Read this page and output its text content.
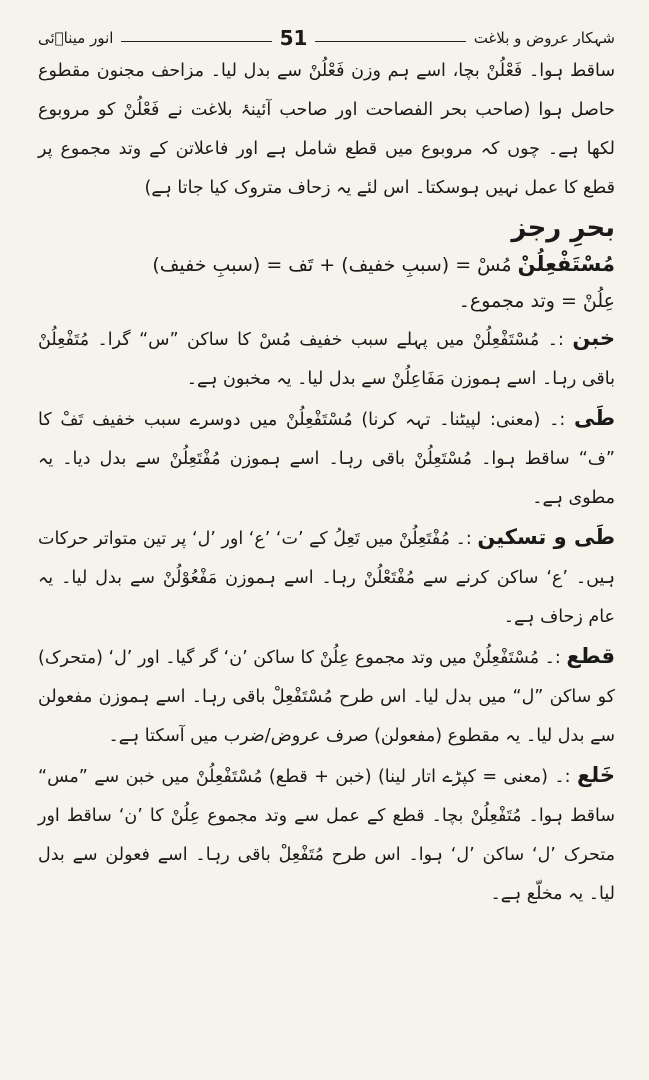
شہکار عروض و بلاغت
51
انور میناؔئی

ساقط ہوا۔ فَعْلُنْ بچا، اسے ہم وزن فَعْلُنْ سے بدل لیا۔ مزاحف مجنون مقطوع حاصل ہوا (صاحب بحر الفصاحت اور صاحب آئینۂ بلاغت نے فَعْلُنْ کو مروبوع لکھا ہے۔ چوں کہ مروبوع میں قطع شامل ہے اور فاعلاتن کے وتد مجموع پر قطع کا عمل نہیں ہوسکتا۔ اس لئے یہ زحاف متروک کیا جاتا ہے)

بحرِ رجز
مُسْتَفْعِلُنْ مُسْ = (سببِ خفیف) + تَف = (سببِ خفیف)
عِلُنْ = وتد مجموع۔

خبن :۔ مُسْتَفْعِلُنْ میں پہلے سبب خفیف مُسْ کا ساکن ”س“ گرا۔ مُتَفْعِلُنْ باقی رہا۔ اسے ہموزن مَفَاعِلُنْ سے بدل لیا۔ یہ مخبون ہے۔

طَی :۔ (معنی: لپیٹنا۔ تہہ کرنا) مُسْتَفْعِلُنْ میں دوسرے سبب خفیف تَفْ کا ”ف“ ساقط ہوا۔ مُسْتَعِلُنْ باقی رہا۔ اسے ہموزن مُفْتَعِلُنْ سے بدل دیا۔ یہ مطوی ہے۔

طَی و تسکین :۔ مُفْتَعِلُنْ میں تَعِلُ کے ’ت‘ ’ع‘ اور ’ل‘ پر تین متواتر حرکات ہیں۔ ’ع‘ ساکن کرنے سے مُفْتَعْلُنْ رہا۔ اسے ہموزن مَفْعُوْلُنْ سے بدل لیا۔ یہ عام زحاف ہے۔

قطع :۔ مُسْتَفْعِلُنْ میں وتد مجموع عِلُنْ کا ساکن ’ن‘ گر گیا۔ اور ’ل‘ (متحرک) کو ساکن ”ل“ میں بدل لیا۔ اس طرح مُسْتَفْعِلْ باقی رہا۔ اسے ہموزن مفعولن سے بدل لیا۔ یہ مقطوع (مفعولن) صرف عروض/ضرب میں آسکتا ہے۔

خَلع :۔ (معنی = کپڑے اتار لینا) (خبن + قطع) مُسْتَفْعِلُنْ میں خبن سے ”مس“ ساقط ہوا۔ مُتَفْعِلُنْ بچا۔ قطع کے عمل سے وتد مجموع عِلُنْ کا ’ن‘ ساقط اور متحرک ’ل‘ ساکن ’ل‘ ہوا۔ اس طرح مُتَفْعِلْ باقی رہا۔ اسے فعولن سے بدل لیا۔ یہ مخلّع ہے۔
